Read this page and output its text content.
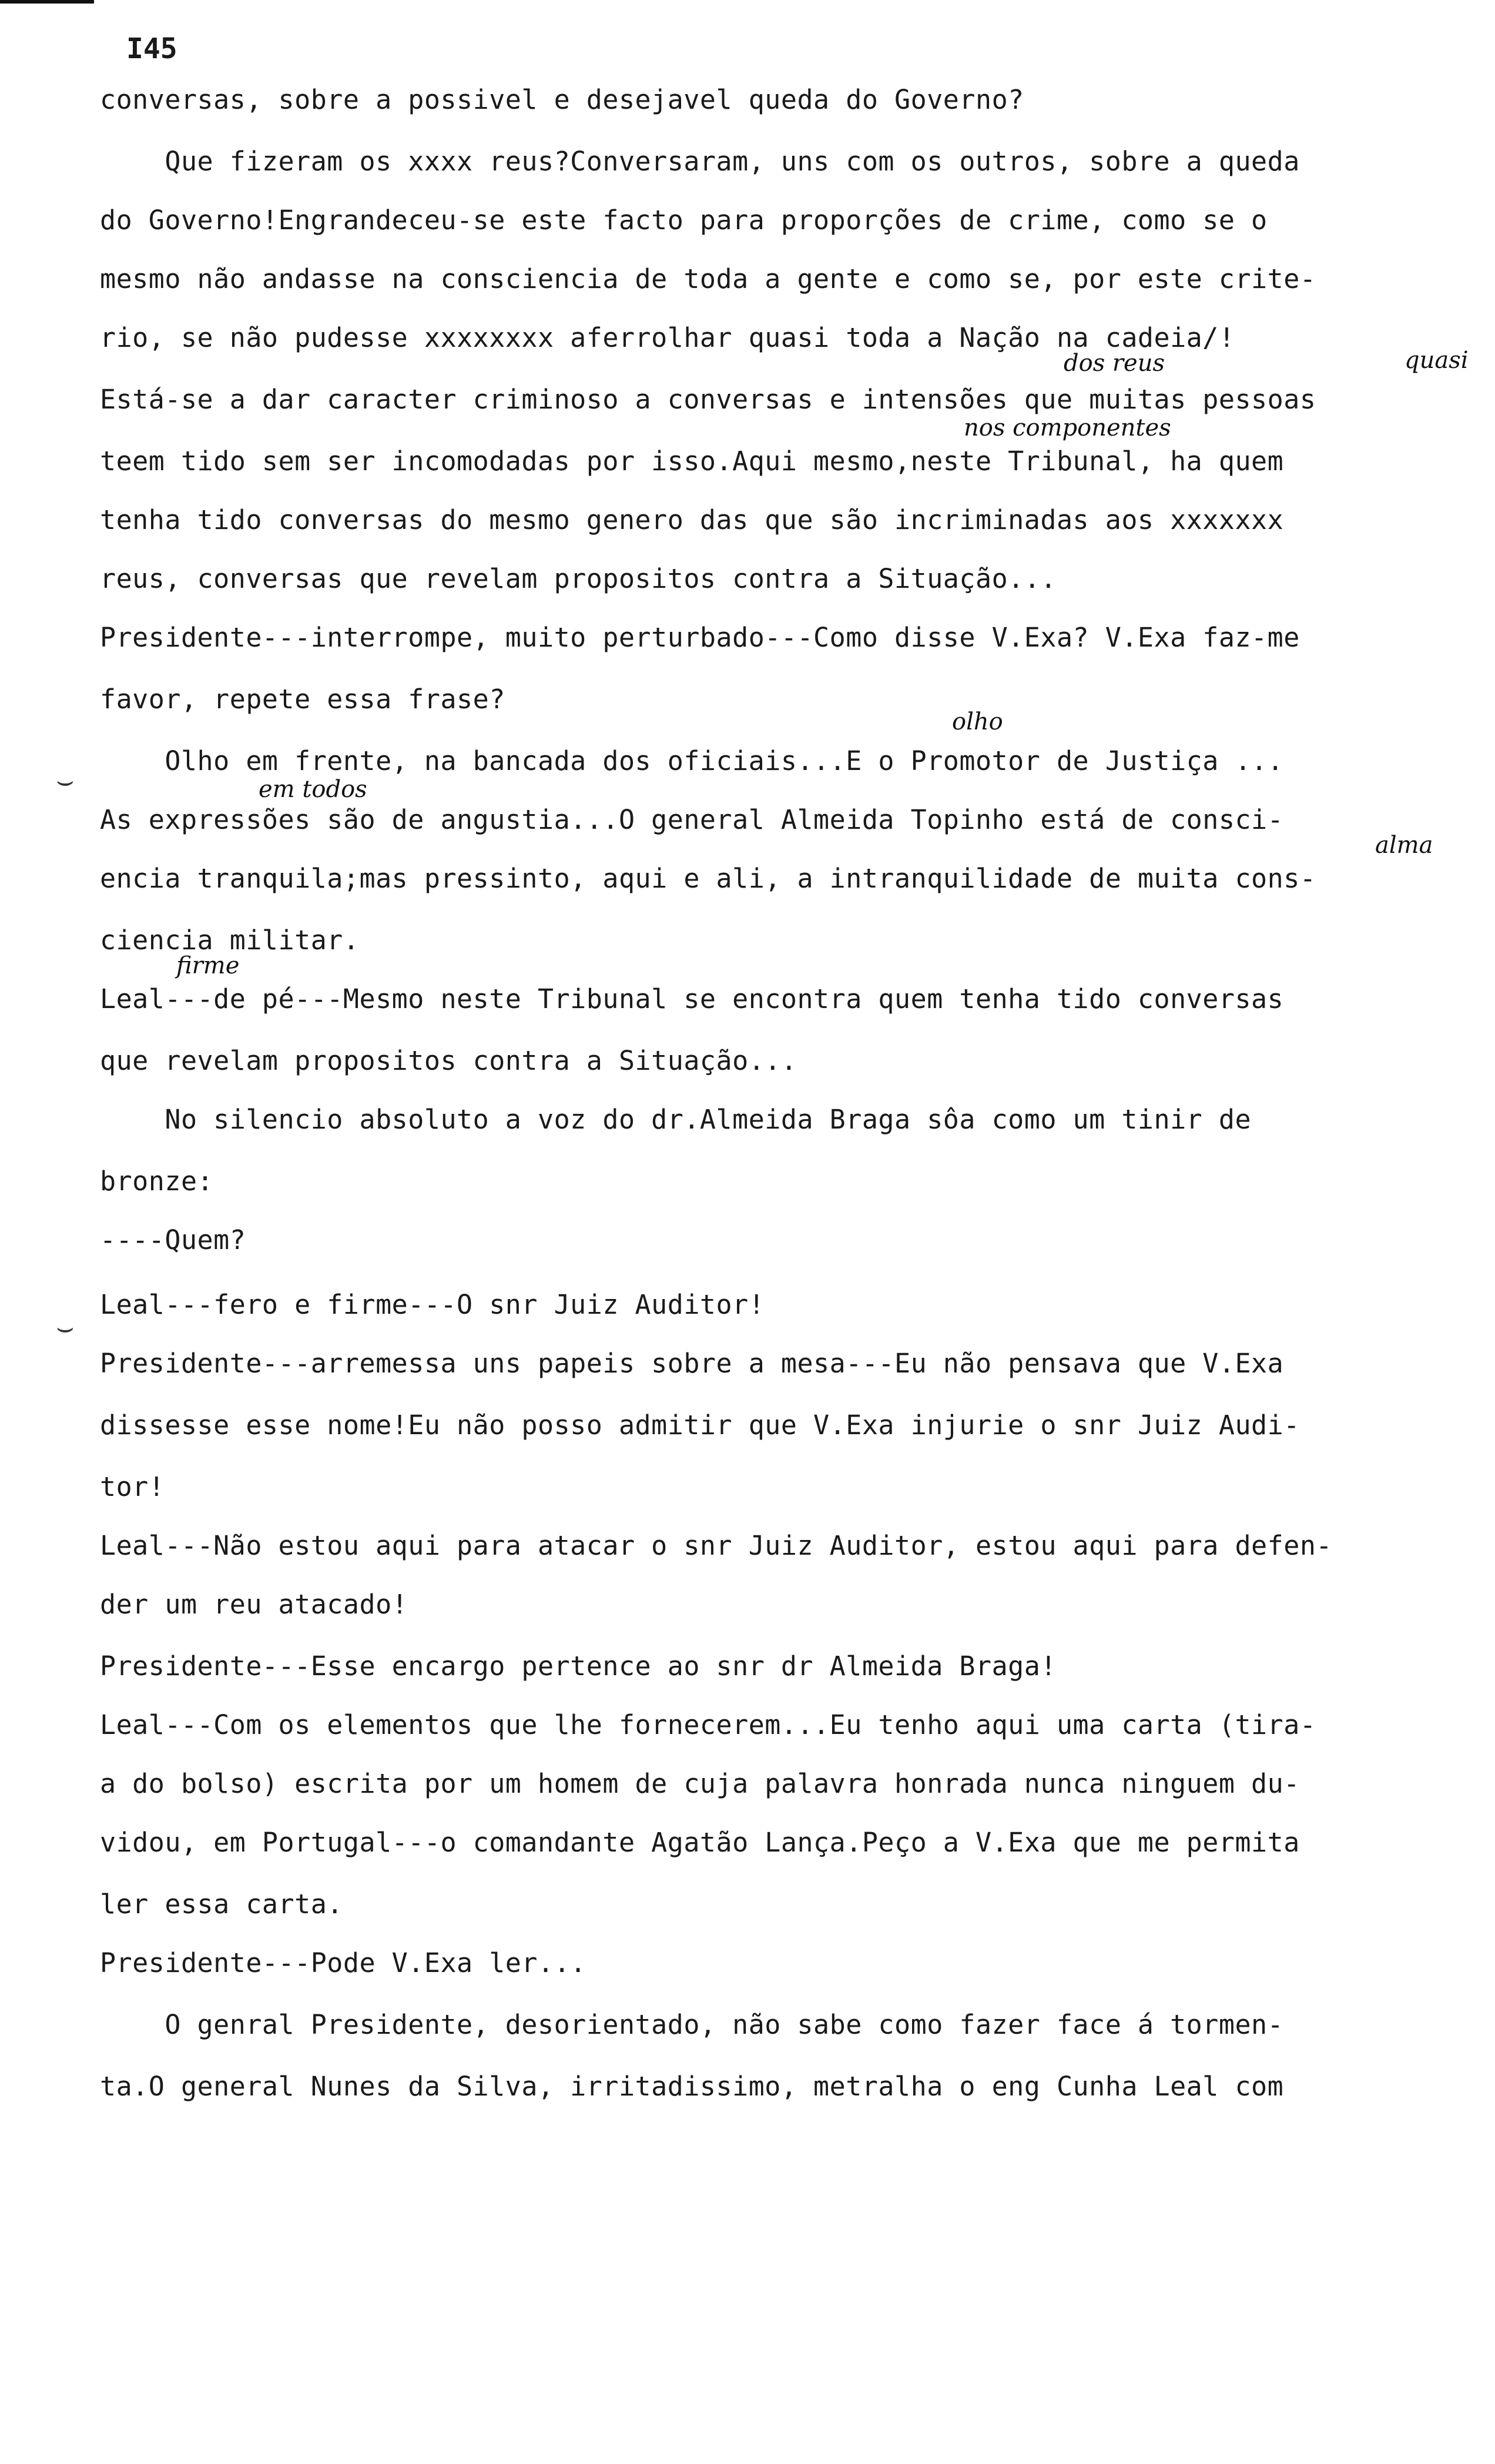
I45
conversas, sobre a possivel e desejavel queda do Governo?
Que fizeram os xxxx reus?Conversaram, uns com os outros, sobre a queda
do Governo!Engrandeceu-se este facto para proporções de crime, como se o
mesmo não andasse na consciencia de toda a gente e como se, por este crite-
rio, se não pudesse xxxxxxxx aferrolhar quasi toda a Nação na cadeia/!
Está-se a dar caracter criminoso a conversas e intensões que muitas pessoas
teem tido sem ser incomodadas por isso.Aqui mesmo,neste Tribunal, ha quem
tenha tido conversas do mesmo genero das que são incriminadas aos xxxxxxx
reus, conversas que revelam propositos contra a Situação...
Presidente---interrompe, muito perturbado---Como disse V.Exa? V.Exa faz-me
favor, repete essa frase?
Olho em frente, na bancada dos oficiais...E o Promotor de Justiça ...
As expressões são de angustia...O general Almeida Topinho está de consci-
encia tranquila;mas pressinto, aqui e ali, a intranquilidade de muita cons-
ciencia militar.
Leal---de pé---Mesmo neste Tribunal se encontra quem tenha tido conversas
que revelam propositos contra a Situação...
No silencio absoluto a voz do dr.Almeida Braga sôa como um tinir de
bronze:
----Quem?
Leal---fero e firme---O snr Juiz Auditor!
Presidente---arremessa uns papeis sobre a mesa---Eu não pensava que V.Exa
dissesse esse nome!Eu não posso admitir que V.Exa injurie o snr Juiz Audi-
tor!
Leal---Não estou aqui para atacar o snr Juiz Auditor, estou aqui para defen-
der um reu atacado!
Presidente---Esse encargo pertence ao snr dr Almeida Braga!
Leal---Com os elementos que lhe fornecerem...Eu tenho aqui uma carta (tira-
a do bolso) escrita por um homem de cuja palavra honrada nunca ninguem du-
vidou, em Portugal---o comandante Agatão Lança.Peço a V.Exa que me permita
ler essa carta.
Presidente---Pode V.Exa ler...
O genral Presidente, desorientado, não sabe como fazer face á tormen-
ta.O general Nunes da Silva, irritadissimo, metralha o eng Cunha Leal com
dos reus	quasi
nos componentes
olho
em todos
alma
firme
⌣
⌣
